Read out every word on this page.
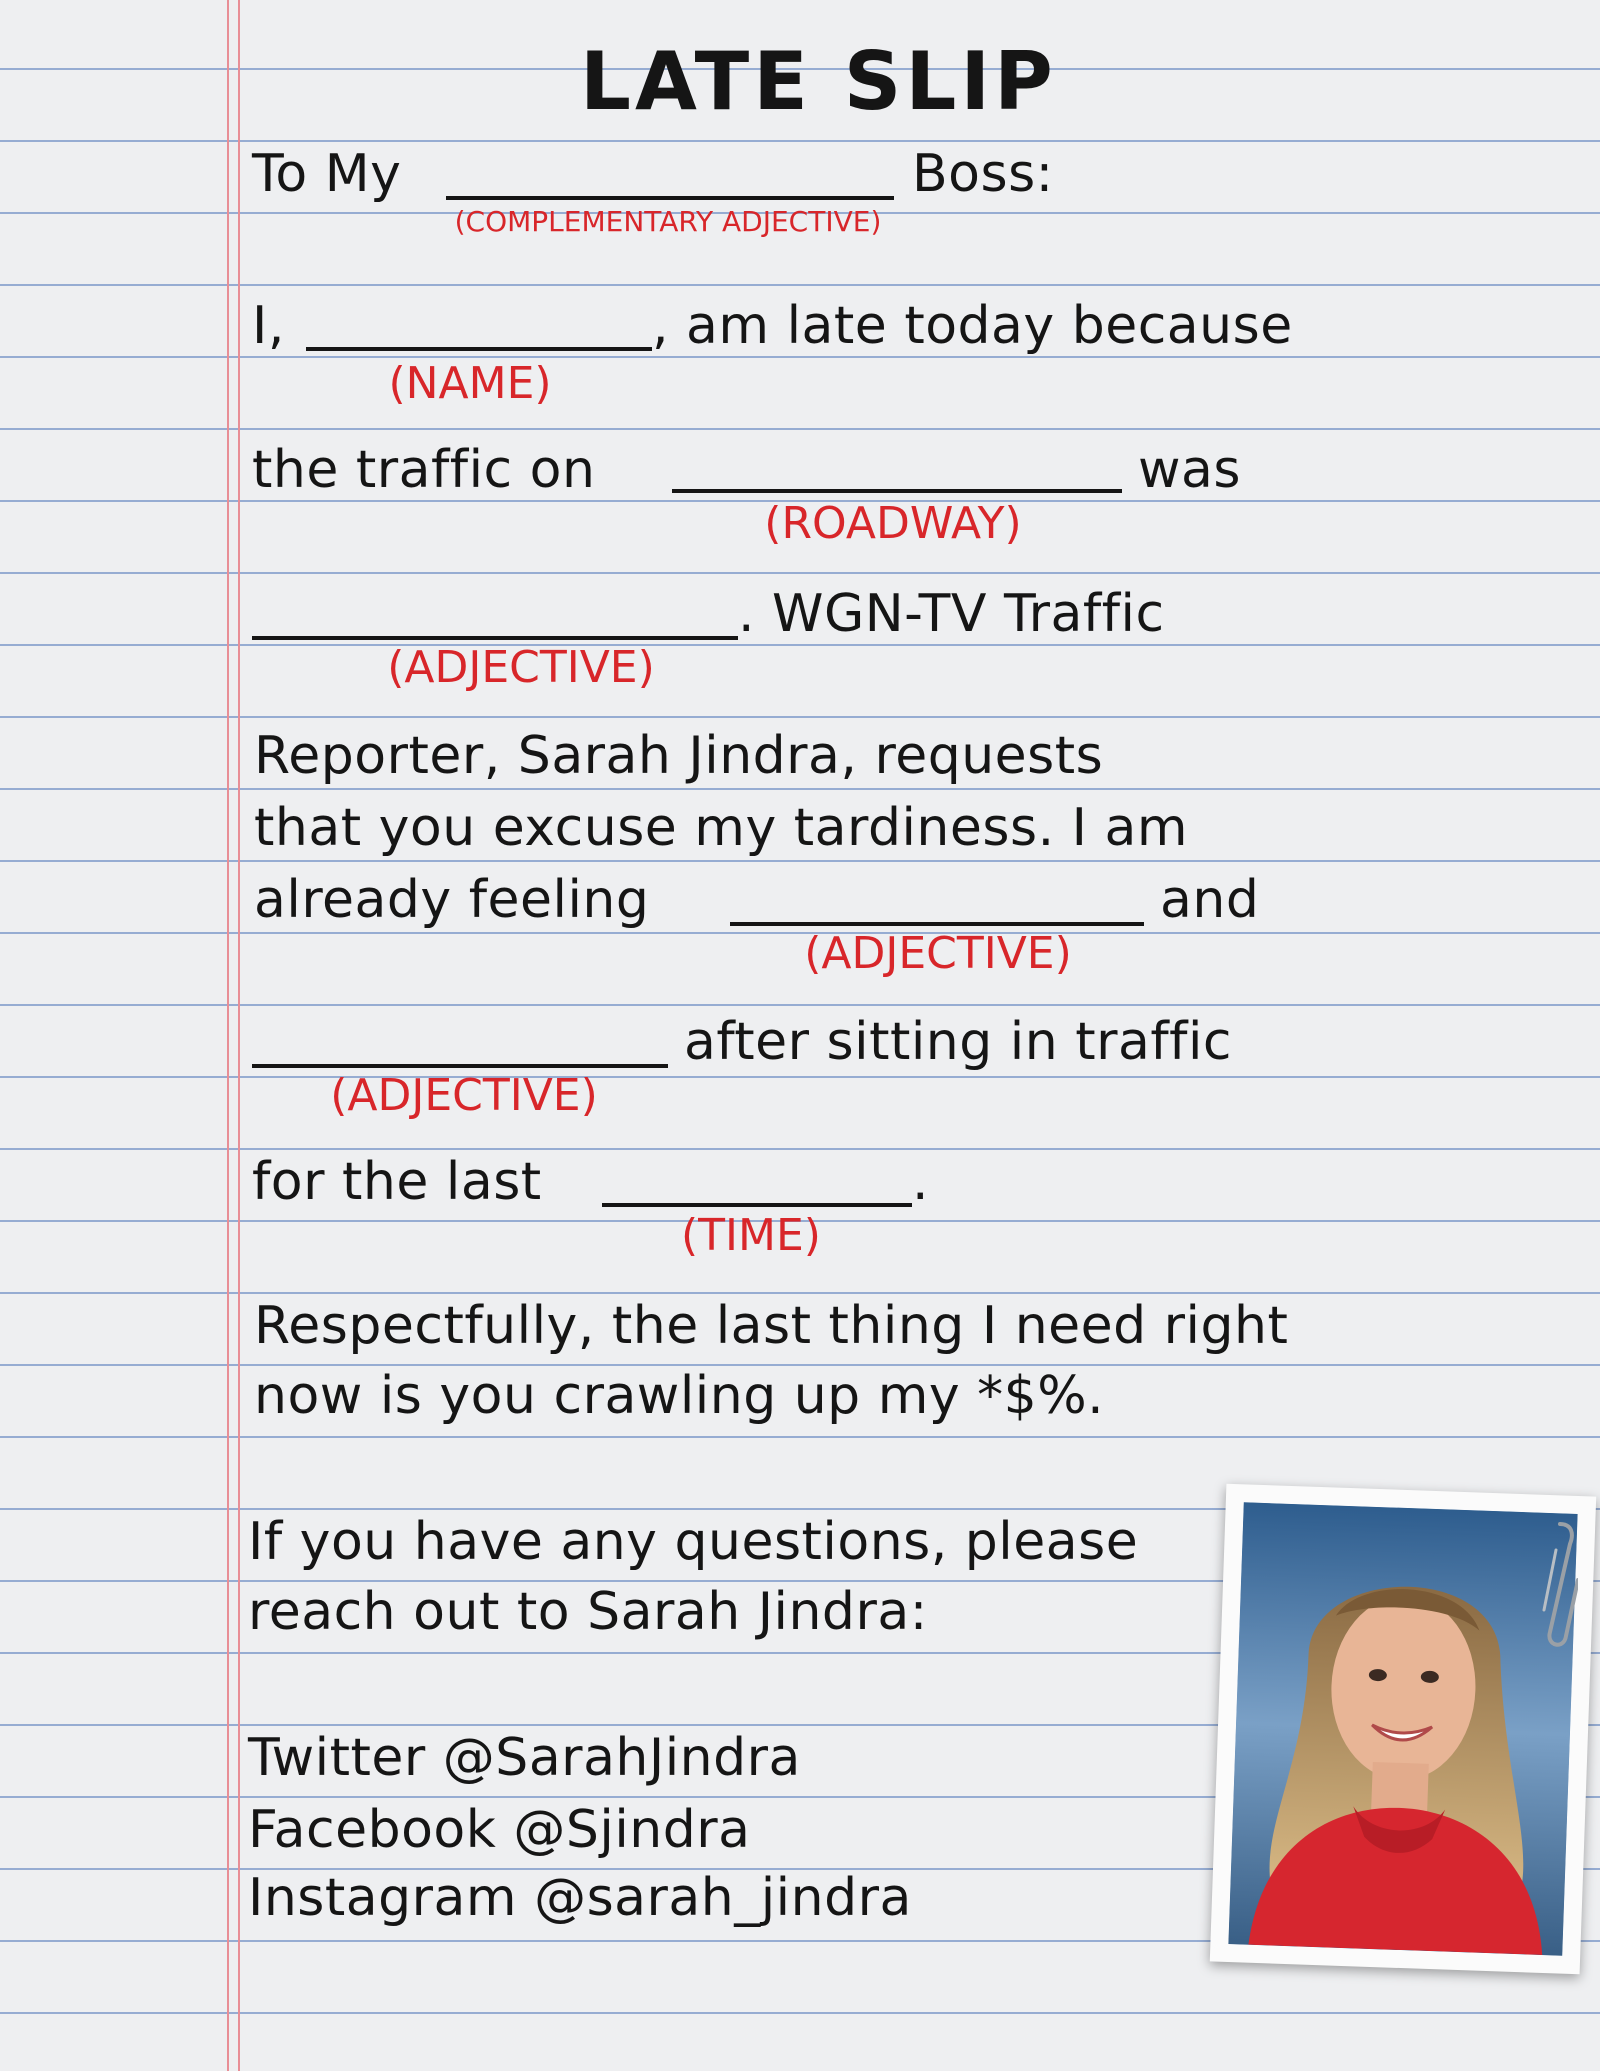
LATE SLIP
To My	Boss:
(COMPLEMENTARY ADJECTIVE)
I,	, am late today because
(NAME)
the traffic on	was
(ROADWAY)
. WGN-TV Traffic
(ADJECTIVE)
Reporter, Sarah Jindra, requests
that you excuse my tardiness. I am
already feeling	and
(ADJECTIVE)
after sitting in traffic
(ADJECTIVE)
for the last	.
(TIME)
Respectfully, the last thing I need right
now is you crawling up my *$%.
If you have any questions, please
reach out to Sarah Jindra:
Twitter @SarahJindra
Facebook @Sjindra
Instagram @sarah_jindra
